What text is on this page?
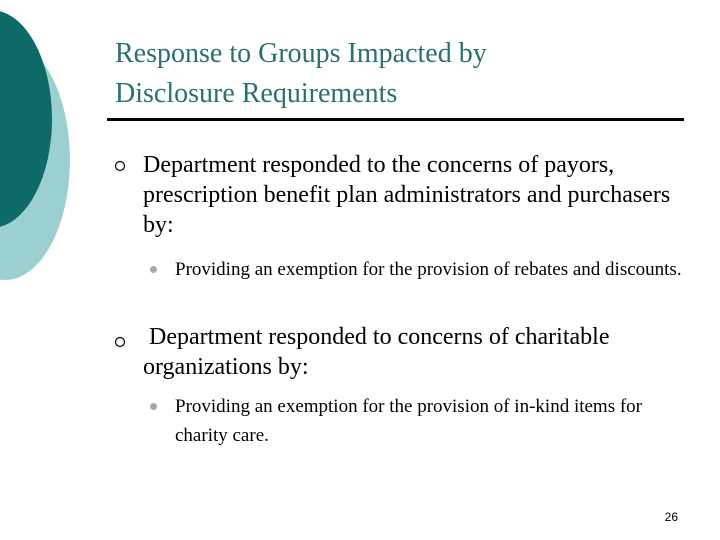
Response to Groups Impacted by
Disclosure Requirements
Department responded to the concerns of payors, prescription benefit plan administrators and purchasers by:
Providing an exemption for the provision of rebates and discounts.
Department responded to concerns of charitable organizations by:
Providing an exemption for the provision of in-kind items for charity care.
26
